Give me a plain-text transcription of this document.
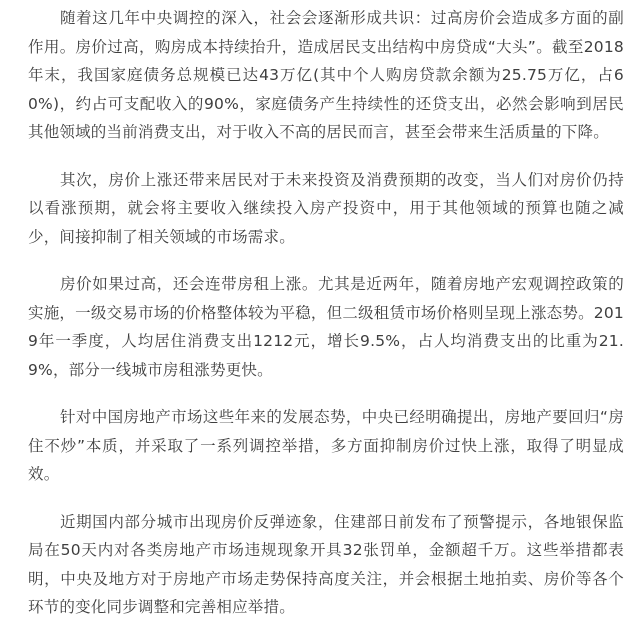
随着这几年中央调控的深入，社会会逐渐形成共识：过高房价会造成多方面的副作用。房价过高，购房成本持续抬升，造成居民支出结构中房贷成“大头”。截至2018年末，我国家庭债务总规模已达43万亿(其中个人购房贷款余额为25.75万亿，占60%)，约占可支配收入的90%，家庭债务产生持续性的还贷支出，必然会影响到居民其他领域的当前消费支出，对于收入不高的居民而言，甚至会带来生活质量的下降。

其次，房价上涨还带来居民对于未来投资及消费预期的改变，当人们对房价仍持以看涨预期，就会将主要收入继续投入房产投资中，用于其他领域的预算也随之减少，间接抑制了相关领域的市场需求。

房价如果过高，还会连带房租上涨。尤其是近两年，随着房地产宏观调控政策的实施，一级交易市场的价格整体较为平稳，但二级租赁市场价格则呈现上涨态势。2019年一季度，人均居住消费支出1212元，增长9.5%，占人均消费支出的比重为21.9%，部分一线城市房租涨势更快。

针对中国房地产市场这些年来的发展态势，中央已经明确提出，房地产要回归“房住不炒”本质，并采取了一系列调控举措，多方面抑制房价过快上涨，取得了明显成效。

近期国内部分城市出现房价反弹迹象，住建部日前发布了预警提示，各地银保监局在50天内对各类房地产市场违规现象开具32张罚单，金额超千万。这些举措都表明，中央及地方对于房地产市场走势保持高度关注，并会根据土地拍卖、房价等各个环节的变化同步调整和完善相应举措。
